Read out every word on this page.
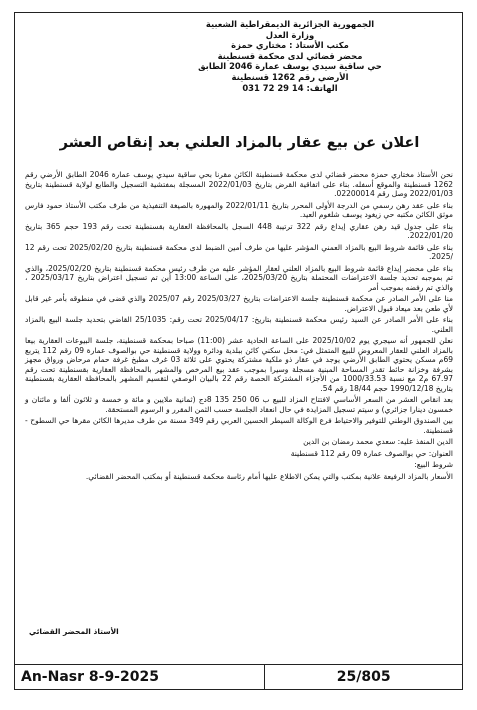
الجمهورية الجزائرية الديمقراطية الشعبية
وزارة العدل
مكتب الأستاذ : مختاري حمزة
محضر قضائي لدى محكمة قسنطينة
حي ساقية سيدي يوسف عمارة 2046 الطابق
الأرضي رقم 1262 قسنطينة
الهاتف: 14 29 72 031
اعلان عن بيع عقار بالمزاد العلني بعد إنقاص العشر

نحن الأستاذ مختاري حمزة محضر قضائي لدى محكمة قسنطينة الكائن مقرنا بحي ساقية سيدي يوسف عمارة 2046 الطابق الأرضي رقم 1262 قسنطينة والموقع أسفله. بناء على اتفاقية القرض بتاريخ 2022/01/03 المسجلة بمفتشية التسجيل والطابع لولاية قسنطينة بتاريخ 2022/01/03 وصل رقم 02200014.

بناء على عقد رهن رسمي من الدرجة الأولى المحرر بتاريخ 2022/01/11 والمهورة بالصيغة التنفيذية من طرف مكتب الأستاذ حمود فارس موثق الكائن مكتبه حي زيغود يوسف شلغوم العيد.

بناء على جدول قيد رهن عقاري إيداع رقم 322 ترتيبة 448 السجل بالمحافظة العقارية بقسنطينة تحت رقم 193 حجم 365 بتاريخ 2022/01/20.

بناء على قائمة شروط البيع بالمزاد العمني المؤشر عليها من طرف أمين الضبط لدى محكمة قسنطينة بتاريخ 2025/02/20 تحت رقم 12 /2025.

بناء على محضر إيداع قائمة شروط البيع بالمزاد العلني لعقار المؤشر عليه من طرف رئيس محكمة قسنطينة بتاريخ 2025/02/20، والذي تم بموجبه تحديد جلسة الاعتراضات المحتملة بتاريخ 2025/03/20، على الساعة 13:00 أين تم تسجيل اعتراض بتاريخ 2025/03/17 ، والذي تم رفضه بموجب أمر

منا على الأمر الصادر عن محكمة قسنطينة جلسة الاعتراضات بتاريخ 2025/03/27 رقم 2025/07 والذي قضى في منطوقه بأمر غير قابل لأي طعن بعد ميعاد قبول الاعتراض.

بناء على الأمر الصادر عن السيد رئيس محكمة قسنطينة بتاريخ: 2025/04/17 تحت رقم: 25/1035 القاضي بتحديد جلسة البيع بالمزاد العلني.

نعلن للجمهور أنه سيجري يوم 2025/10/02 على الساعة الحادية عشر (11:00) صباحا بمحكمة قسنطينة، جلسة البيوعات العقارية بيعا بالمزاد العلني للعقار المعروض للبيع المتمثل في: محل سكني كائن ببلدية ودائرة وولاية قسنطينة حي بوالصوف عمارة 09 رقم 112 يتربع 69م مسكن يحتوي الطابق الأرضي يوجد في عقار ذو ملكية مشتركة يحتوي على ثلاثة 03 غرف مطبخ غرفة حمام مرحاض ورواق مجهز بشرفة وخزانة حائط تقدر المساحة المبنية مسجلة وسيرا بموجب عقد بيع المرخص والمشهر بالمحافظة العقارية بقسنطينة تحت رقم 67.97 م2 مع نسبة 1000/33.53 من الأجزاء المشتركة الحصة رقم 22 بالبيان الوصفي لتقسيم المشهر بالمحافظة العقارية بقسنطينة بتاريخ 1990/12/18 حجم 18/44 رقم 54.

بعد انقاص العشر من السعر الأساسي لافتتاح المزاد للبيع ب 06 250 135 8دج (ثمانية ملايين و مائة و خمسة و ثلاثون ألفا و مائتان و خمسون دينارا جزائري) و سيتم تسجيل المزايدة في حال انعقاد الجلسة حسب الثمن المقرر و الرسوم المستحقة.

بين الصندوق الوطني للتوفير والاحتياط فرع الوكالة السيطر الحسين العربي رقم 349 مسنة من طرف مديرها الكائن مقرها حي السطوح - قسنطينة.

الدين المنفذ عليه: سعدي محمد رمضان بن الدين

العنوان: حي بوالصوف عمارة 09 رقم 112 قسنطينة

شروط البيع:

الأسعار بالمزاد الرفيعة علانية بمكتب والتي يمكن الاطلاع عليها أمام رئاسة محكمة قسنطينة أو بمكتب المحضر القضائي.

الأستاذ المحضر القضائي
An-Nasr 8-9-2025	25/805
